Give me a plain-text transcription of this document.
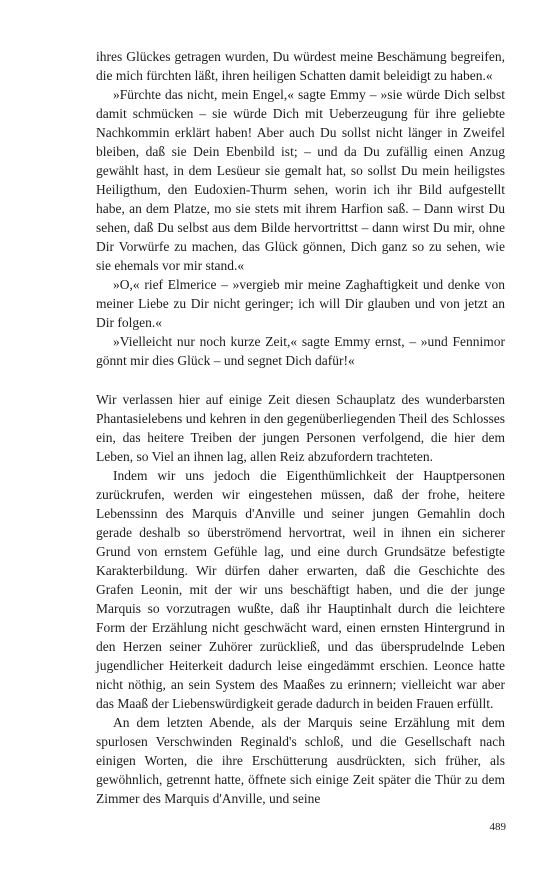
ihres Glückes getragen wurden, Du würdest meine Beschämung begreifen, die mich fürchten läßt, ihren heiligen Schatten damit beleidigt zu haben.«

»Fürchte das nicht, mein Engel,« sagte Emmy – »sie würde Dich selbst damit schmücken – sie würde Dich mit Ueberzeugung für ihre geliebte Nachkommin erklärt haben! Aber auch Du sollst nicht länger in Zweifel bleiben, daß sie Dein Ebenbild ist; – und da Du zufällig einen Anzug gewählt hast, in dem Lesüeur sie gemalt hat, so sollst Du mein heiligstes Heiligthum, den Eudoxien-Thurm sehen, worin ich ihr Bild aufgestellt habe, an dem Platze, mo sie stets mit ihrem Harfion saß. – Dann wirst Du sehen, daß Du selbst aus dem Bilde hervortrittst – dann wirst Du mir, ohne Dir Vorwürfe zu machen, das Glück gönnen, Dich ganz so zu sehen, wie sie ehemals vor mir stand.«

»O,« rief Elmerice – »vergieb mir meine Zaghaftigkeit und denke von meiner Liebe zu Dir nicht geringer; ich will Dir glauben und von jetzt an Dir folgen.«

»Vielleicht nur noch kurze Zeit,« sagte Emmy ernst, – »und Fennimor gönnt mir dies Glück – und segnet Dich dafür!«

Wir verlassen hier auf einige Zeit diesen Schauplatz des wunderbarsten Phantasielebens und kehren in den gegenüberliegenden Theil des Schlosses ein, das heitere Treiben der jungen Personen verfolgend, die hier dem Leben, so Viel an ihnen lag, allen Reiz abzufordern trachteten.

Indem wir uns jedoch die Eigenthümlichkeit der Hauptpersonen zurückrufen, werden wir eingestehen müssen, daß der frohe, heitere Lebenssinn des Marquis d'Anville und seiner jungen Gemahlin doch gerade deshalb so überströmend hervortrat, weil in ihnen ein sicherer Grund von ernstem Gefühle lag, und eine durch Grundsätze befestigte Karakterbildung. Wir dürfen daher erwarten, daß die Geschichte des Grafen Leonin, mit der wir uns beschäftigt haben, und die der junge Marquis so vorzutragen wußte, daß ihr Hauptinhalt durch die leichtere Form der Erzählung nicht geschwächt ward, einen ernsten Hintergrund in den Herzen seiner Zuhörer zurückließ, und das übersprudelnde Leben jugendlicher Heiterkeit dadurch leise eingedämmt erschien. Leonce hatte nicht nöthig, an sein System des Maaßes zu erinnern; vielleicht war aber das Maaß der Liebenswürdigkeit gerade dadurch in beiden Frauen erfüllt.

An dem letzten Abende, als der Marquis seine Erzählung mit dem spurlosen Verschwinden Reginald's schloß, und die Gesellschaft nach einigen Worten, die ihre Erschütterung ausdrückten, sich früher, als gewöhnlich, getrennt hatte, öffnete sich einige Zeit später die Thür zu dem Zimmer des Marquis d'Anville, und seine

489
